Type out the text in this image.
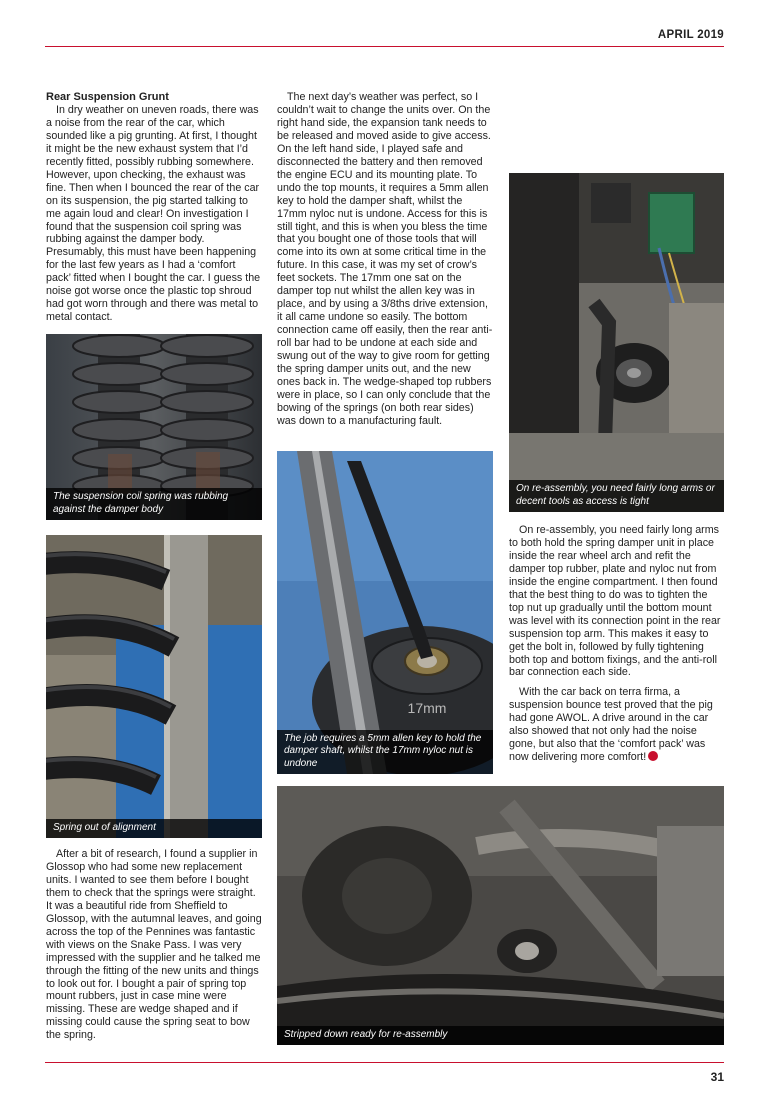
APRIL 2019
Rear Suspension Grunt

In dry weather on uneven roads, there was a noise from the rear of the car, which sounded like a pig grunting. At first, I thought it might be the new exhaust system that I’d recently fitted, possibly rubbing somewhere. However, upon checking, the exhaust was fine. Then when I bounced the rear of the car on its suspension, the pig started talking to me again loud and clear! On investigation I found that the suspension coil spring was rubbing against the damper body. Presumably, this must have been happening for the last few years as I had a ‘comfort pack’ fitted when I bought the car. I guess the noise got worse once the plastic top shroud had got worn through and there was metal to metal contact.

The suspension coil spring was rubbing against the damper body
Spring out of alignment

After a bit of research, I found a supplier in Glossop who had some new replacement units. I wanted to see them before I bought them to check that the springs were straight. It was a beautiful ride from Sheffield to Glossop, with the autumnal leaves, and going across the top of the Pennines was fantastic with views on the Snake Pass. I was very impressed with the supplier and he talked me through the fitting of the new units and things to look out for. I bought a pair of spring top mount rubbers, just in case mine were missing. These are wedge shaped and if missing could cause the spring seat to bow the spring.

The next day’s weather was perfect, so I couldn’t wait to change the units over. On the right hand side, the expansion tank needs to be released and moved aside to give access. On the left hand side, I played safe and disconnected the battery and then removed the engine ECU and its mounting plate. To undo the top mounts, it requires a 5mm allen key to hold the damper shaft, whilst the 17mm nyloc nut is undone. Access for this is still tight, and this is when you bless the time that you bought one of those tools that will come into its own at some critical time in the future. In this case, it was my set of crow’s feet sockets. The 17mm one sat on the damper top nut whilst the allen key was in place, and by using a 3/8ths drive extension, it all came undone so easily. The bottom connection came off easily, then the rear anti-roll bar had to be undone at each side and swung out of the way to give room for getting the spring damper units out, and the new ones back in. The wedge-shaped top rubbers were in place, so I can only conclude that the bowing of the springs (on both rear sides) was down to a manufacturing fault.

17mm
The job requires a 5mm allen key to hold the damper shaft, whilst the 17mm nyloc nut is undone
On re-assembly, you need fairly long arms or decent tools as access is tight

On re-assembly, you need fairly long arms to both hold the spring damper unit in place inside the rear wheel arch and refit the damper top rubber, plate and nyloc nut from inside the engine compartment. I then found that the best thing to do was to tighten the top nut up gradually until the bottom mount was level with its connection point in the rear suspension top arm. This makes it easy to get the bolt in, followed by fully tightening both top and bottom fixings, and the anti-roll bar connection each side.

With the car back on terra firma, a suspension bounce test proved that the pig had gone AWOL. A drive around in the car also showed that not only had the noise gone, but also that the ‘comfort pack’ was now delivering more comfort!

Stripped down ready for re-assembly
31
